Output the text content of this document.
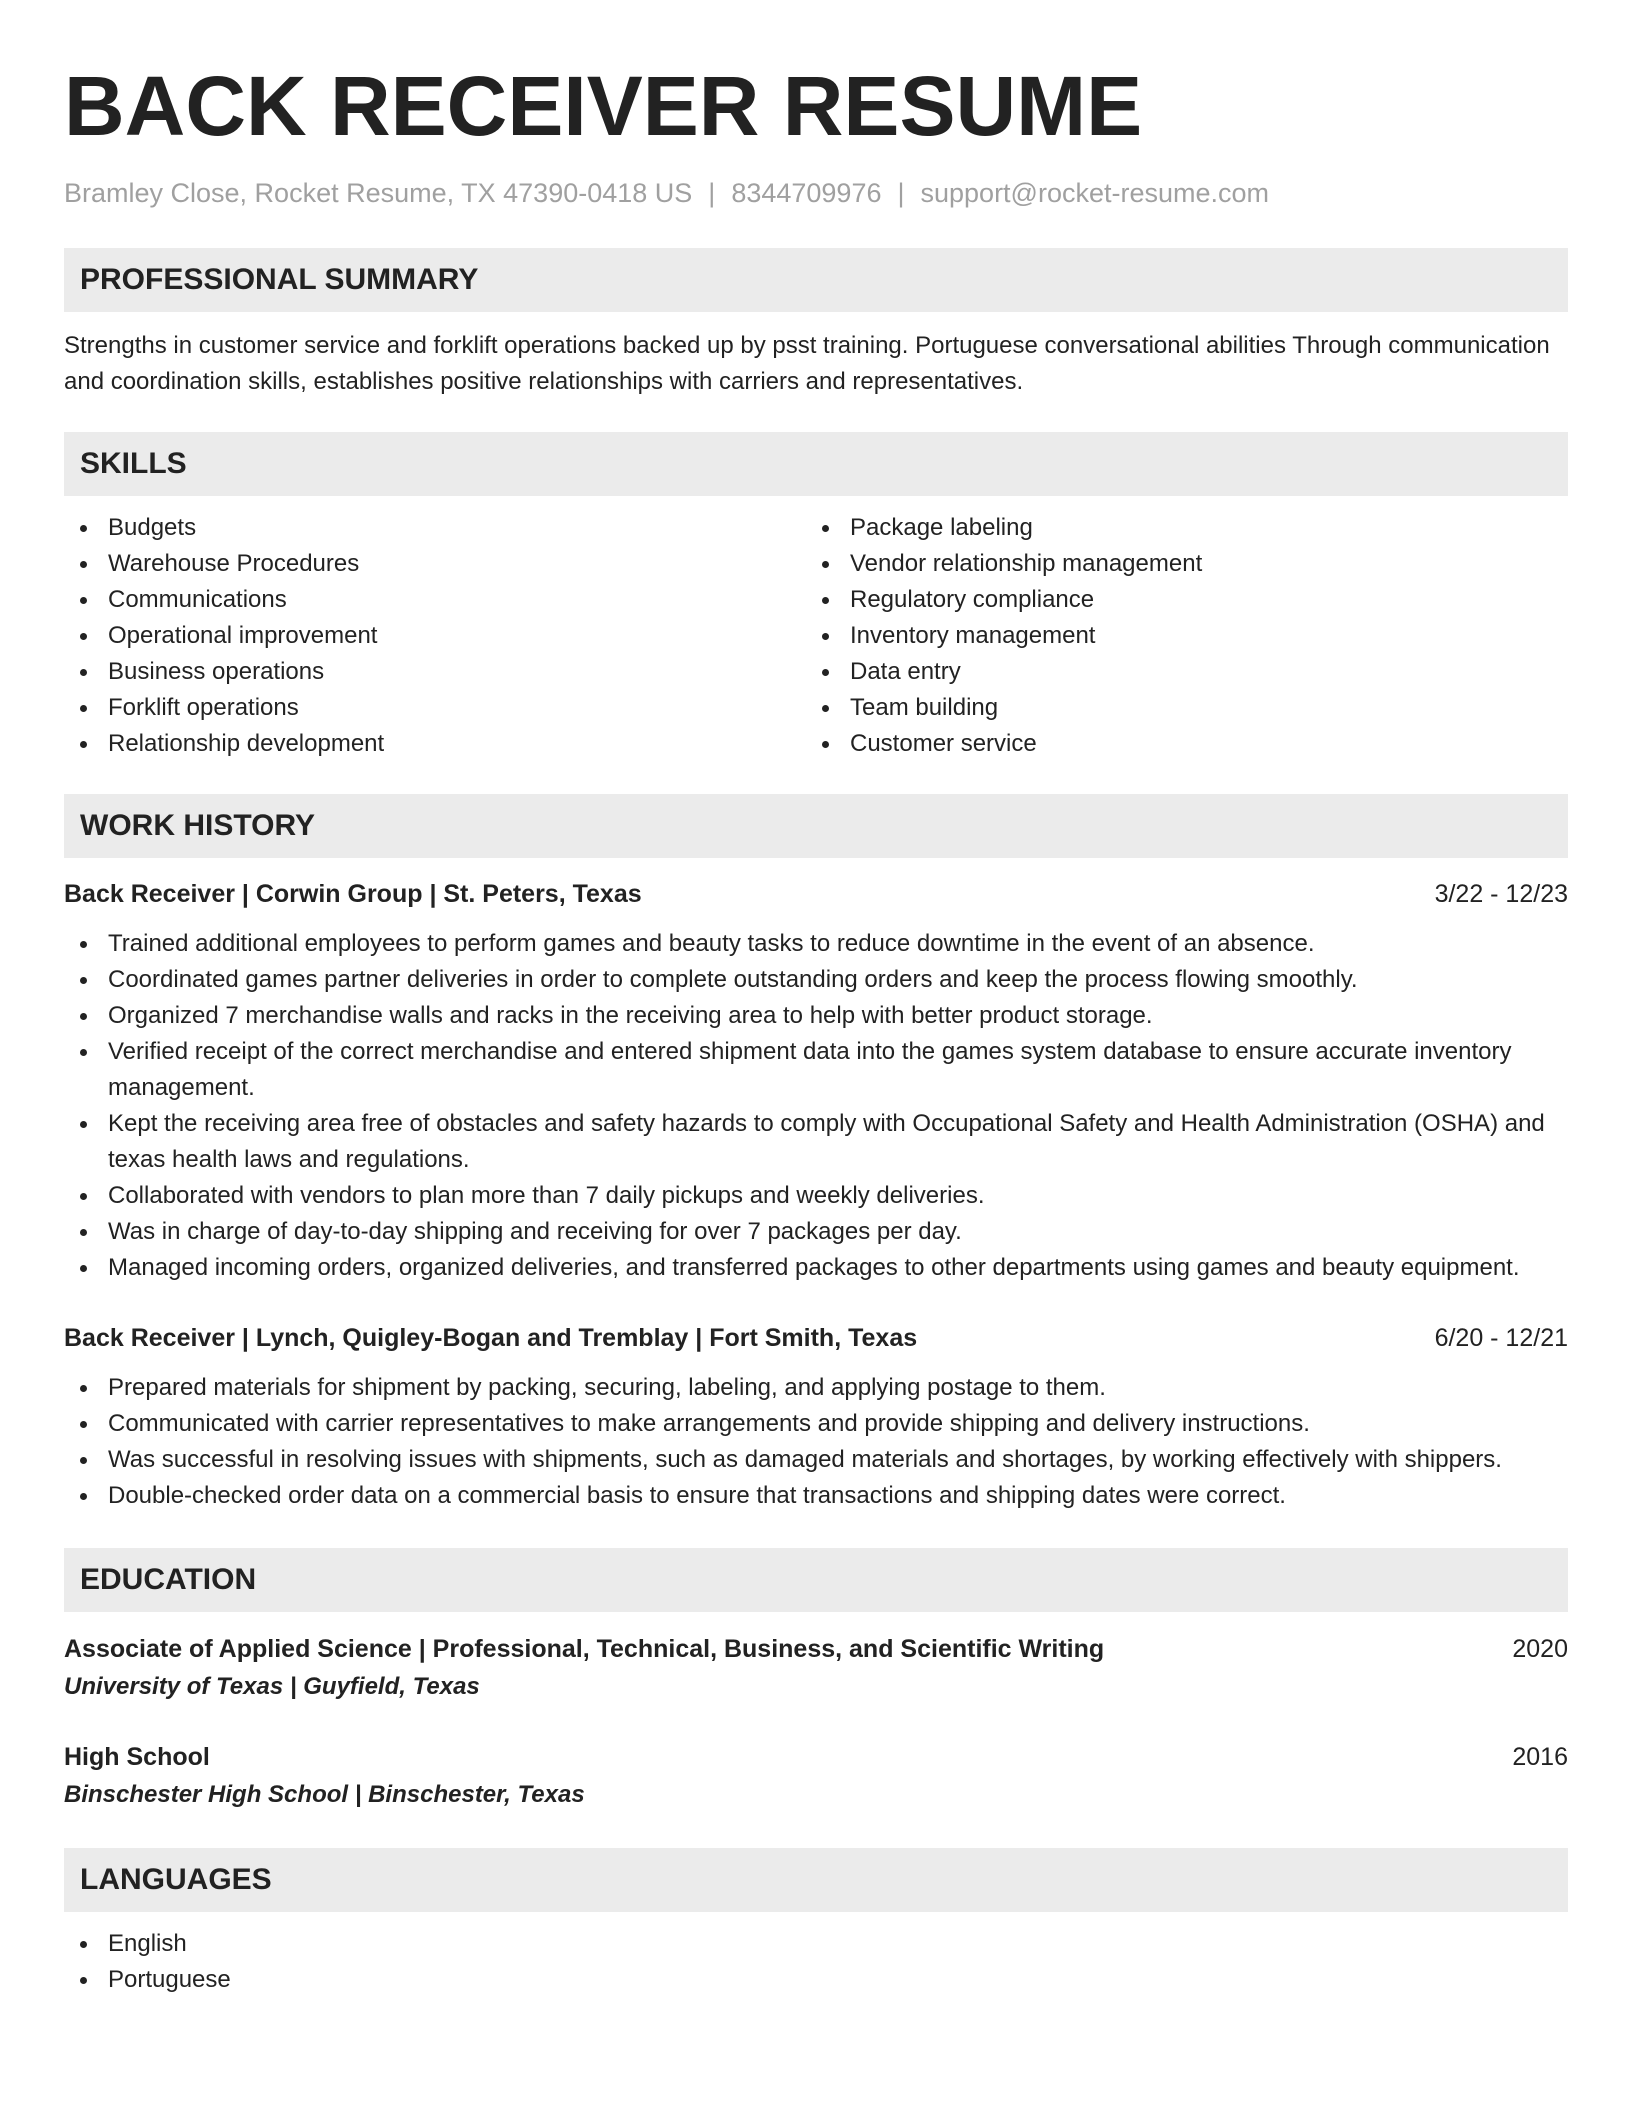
BACK RECEIVER RESUME
Bramley Close, Rocket Resume, TX 47390-0418 US | 8344709976 | support@rocket-resume.com
PROFESSIONAL SUMMARY
Strengths in customer service and forklift operations backed up by psst training. Portuguese conversational abilities Through communication and coordination skills, establishes positive relationships with carriers and representatives.
SKILLS
Budgets
Warehouse Procedures
Communications
Operational improvement
Business operations
Forklift operations
Relationship development
Package labeling
Vendor relationship management
Regulatory compliance
Inventory management
Data entry
Team building
Customer service
WORK HISTORY
Back Receiver | Corwin Group | St. Peters, Texas	3/22 - 12/23
Trained additional employees to perform games and beauty tasks to reduce downtime in the event of an absence.
Coordinated games partner deliveries in order to complete outstanding orders and keep the process flowing smoothly.
Organized 7 merchandise walls and racks in the receiving area to help with better product storage.
Verified receipt of the correct merchandise and entered shipment data into the games system database to ensure accurate inventory management.
Kept the receiving area free of obstacles and safety hazards to comply with Occupational Safety and Health Administration (OSHA) and texas health laws and regulations.
Collaborated with vendors to plan more than 7 daily pickups and weekly deliveries.
Was in charge of day-to-day shipping and receiving for over 7 packages per day.
Managed incoming orders, organized deliveries, and transferred packages to other departments using games and beauty equipment.
Back Receiver | Lynch, Quigley-Bogan and Tremblay | Fort Smith, Texas	6/20 - 12/21
Prepared materials for shipment by packing, securing, labeling, and applying postage to them.
Communicated with carrier representatives to make arrangements and provide shipping and delivery instructions.
Was successful in resolving issues with shipments, such as damaged materials and shortages, by working effectively with shippers.
Double-checked order data on a commercial basis to ensure that transactions and shipping dates were correct.
EDUCATION
Associate of Applied Science | Professional, Technical, Business, and Scientific Writing	2020
University of Texas | Guyfield, Texas
High School	2016
Binschester High School | Binschester, Texas
LANGUAGES
English
Portuguese
